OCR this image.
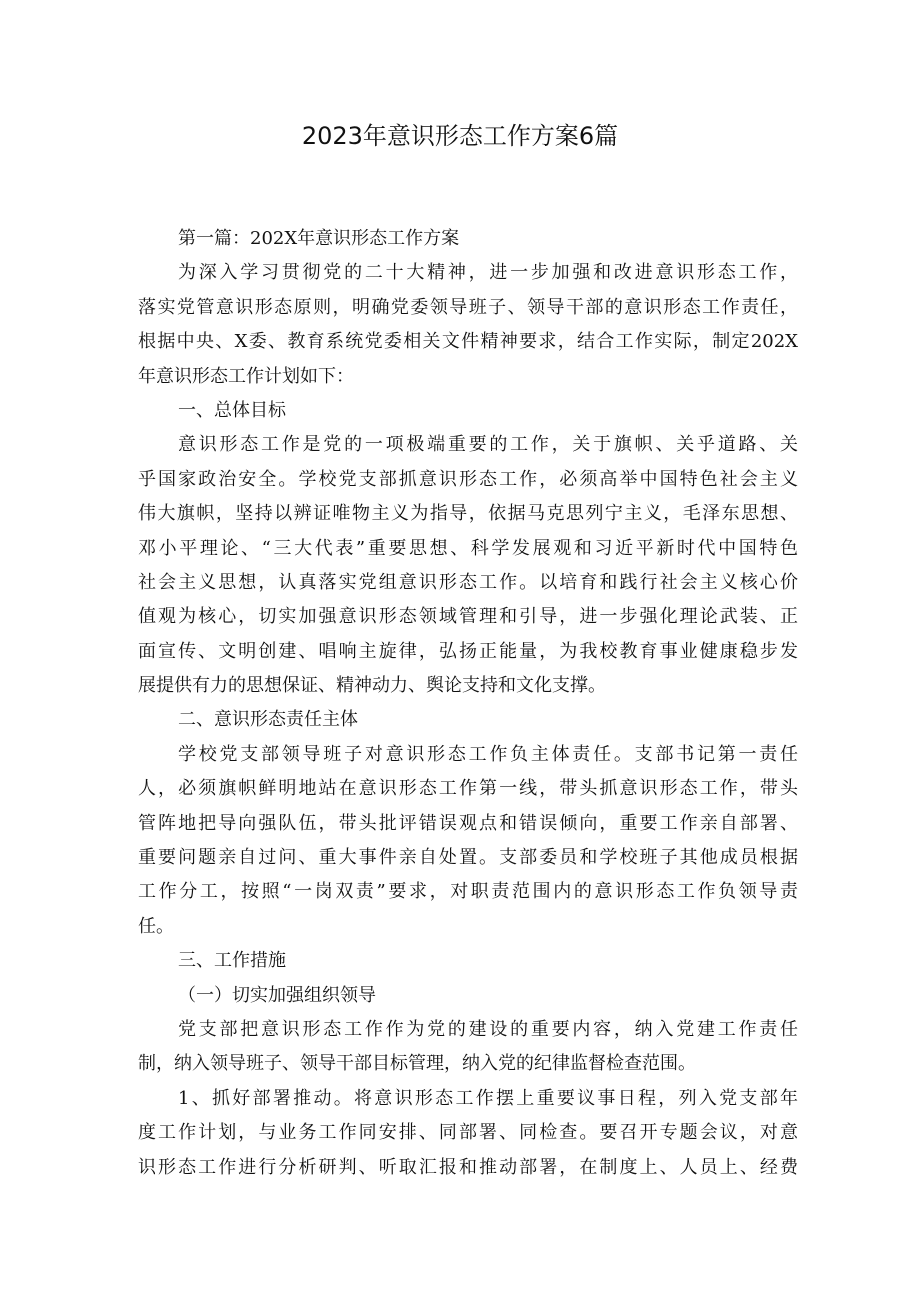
2023年意识形态工作方案6篇
第一篇：202X年意识形态工作方案
为深入学习贯彻党的二十大精神，进一步加强和改进意识形态工作，
落实党管意识形态原则，明确党委领导班子、领导干部的意识形态工作责任，
根据中央、X委、教育系统党委相关文件精神要求，结合工作实际，制定202X
年意识形态工作计划如下：
一、总体目标
意识形态工作是党的一项极端重要的工作，关于旗帜、关乎道路、关
乎国家政治安全。学校党支部抓意识形态工作，必须高举中国特色社会主义
伟大旗帜，坚持以辨证唯物主义为指导，依据马克思列宁主义，毛泽东思想、
邓小平理论、“三大代表”重要思想、科学发展观和习近平新时代中国特色
社会主义思想，认真落实党组意识形态工作。以培育和践行社会主义核心价
值观为核心，切实加强意识形态领域管理和引导，进一步强化理论武装、正
面宣传、文明创建、唱响主旋律，弘扬正能量，为我校教育事业健康稳步发
展提供有力的思想保证、精神动力、舆论支持和文化支撑。
二、意识形态责任主体
学校党支部领导班子对意识形态工作负主体责任。支部书记第一责任
人，必须旗帜鲜明地站在意识形态工作第一线，带头抓意识形态工作，带头
管阵地把导向强队伍，带头批评错误观点和错误倾向，重要工作亲自部署、
重要问题亲自过问、重大事件亲自处置。支部委员和学校班子其他成员根据
工作分工，按照“一岗双责”要求，对职责范围内的意识形态工作负领导责
任。
三、工作措施
（一）切实加强组织领导
党支部把意识形态工作作为党的建设的重要内容，纳入党建工作责任
制，纳入领导班子、领导干部目标管理，纳入党的纪律监督检查范围。
1、抓好部署推动。将意识形态工作摆上重要议事日程，列入党支部年
度工作计划，与业务工作同安排、同部署、同检查。要召开专题会议，对意
识形态工作进行分析研判、听取汇报和推动部署，在制度上、人员上、经费
